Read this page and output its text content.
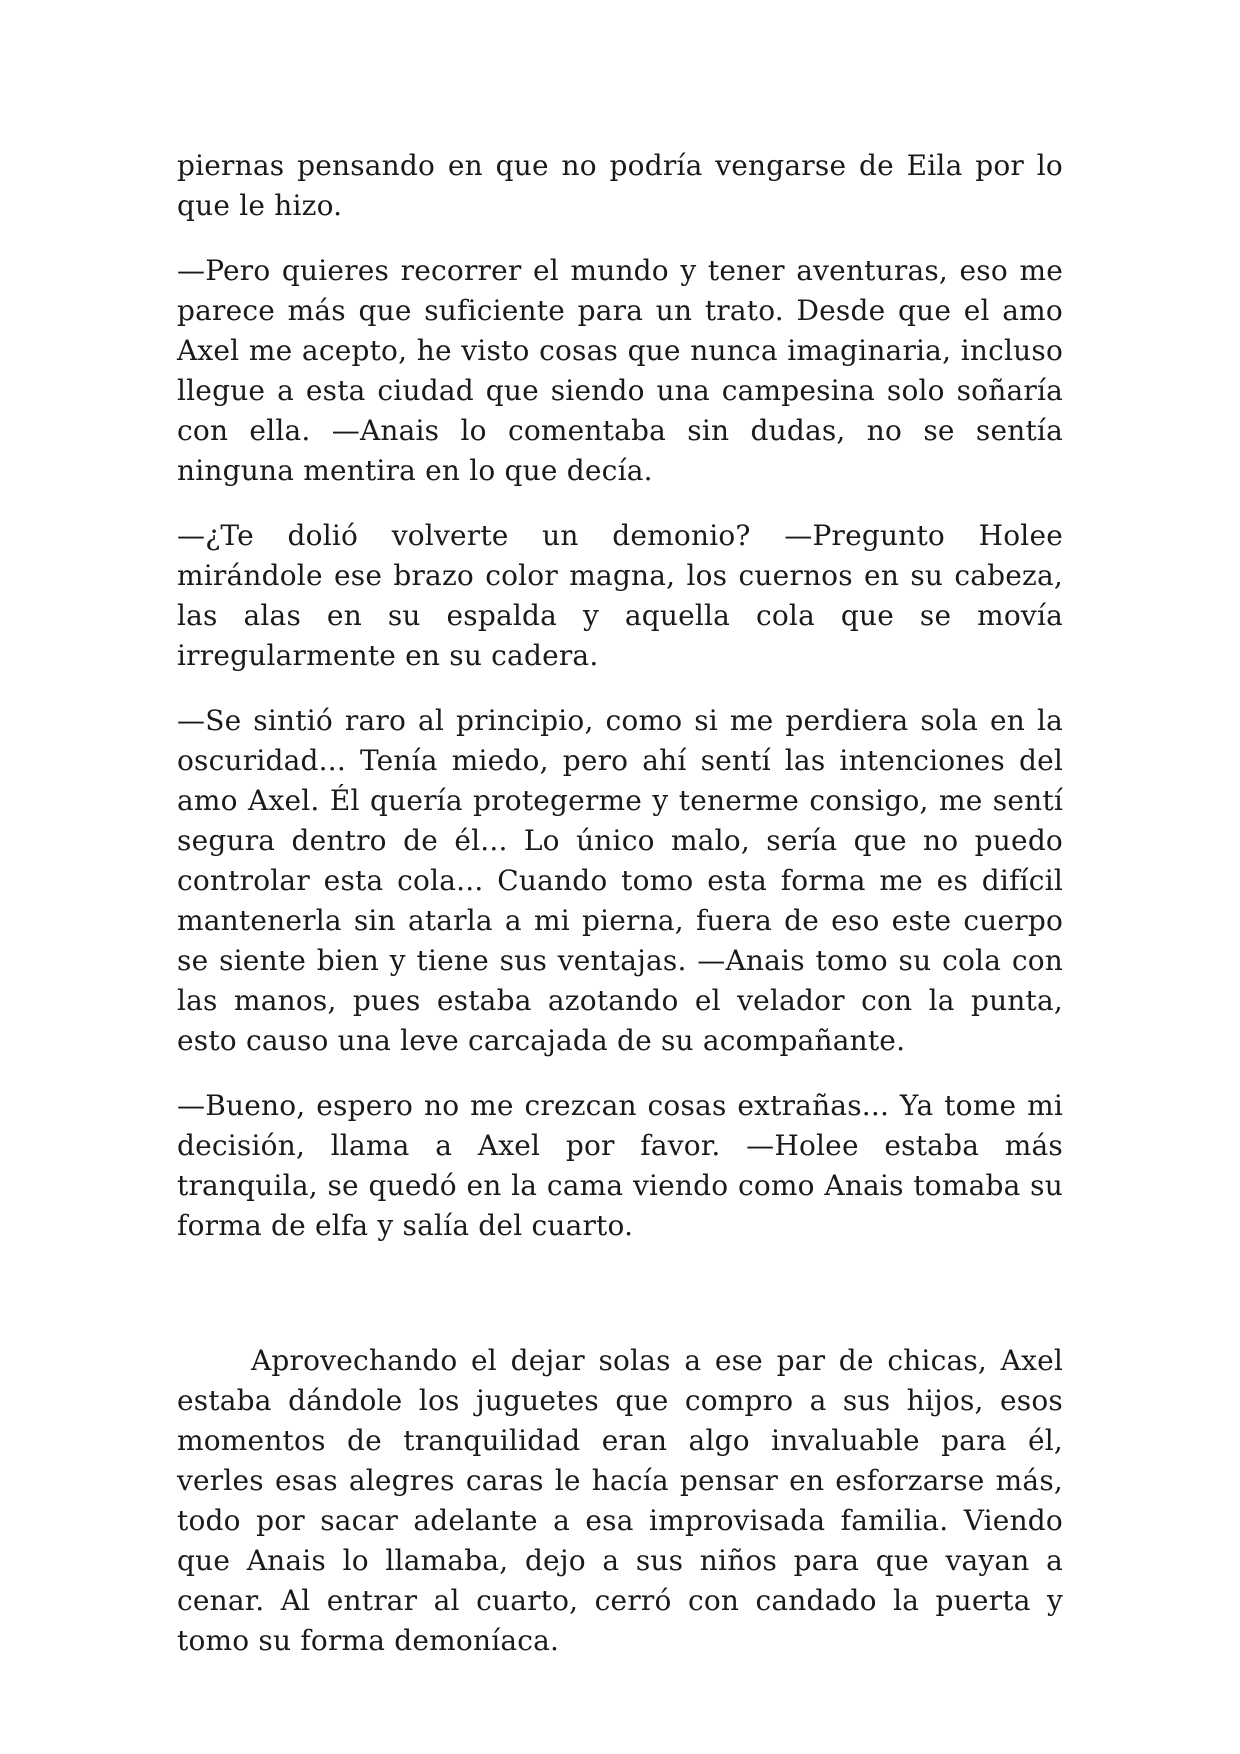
piernas pensando en que no podría vengarse de Eila por lo que le hizo.

—Pero quieres recorrer el mundo y tener aventuras, eso me parece más que suficiente para un trato. Desde que el amo Axel me acepto, he visto cosas que nunca imaginaria, incluso llegue a esta ciudad que siendo una campesina solo soñaría con ella. —Anais lo comentaba sin dudas, no se sentía ninguna mentira en lo que decía.

—¿Te dolió volverte un demonio? —Pregunto Holee mirándole ese brazo color magna, los cuernos en su cabeza, las alas en su espalda y aquella cola que se movía irregularmente en su cadera.

—Se sintió raro al principio, como si me perdiera sola en la oscuridad... Tenía miedo, pero ahí sentí las intenciones del amo Axel. Él quería protegerme y tenerme consigo, me sentí segura dentro de él... Lo único malo, sería que no puedo controlar esta cola... Cuando tomo esta forma me es difícil mantenerla sin atarla a mi pierna, fuera de eso este cuerpo se siente bien y tiene sus ventajas. —Anais tomo su cola con las manos, pues estaba azotando el velador con la punta, esto causo una leve carcajada de su acompañante.

—Bueno, espero no me crezcan cosas extrañas... Ya tome mi decisión, llama a Axel por favor. —Holee estaba más tranquila, se quedó en la cama viendo como Anais tomaba su forma de elfa y salía del cuarto.

Aprovechando el dejar solas a ese par de chicas, Axel estaba dándole los juguetes que compro a sus hijos, esos momentos de tranquilidad eran algo invaluable para él, verles esas alegres caras le hacía pensar en esforzarse más, todo por sacar adelante a esa improvisada familia. Viendo que Anais lo llamaba, dejo a sus niños para que vayan a cenar. Al entrar al cuarto, cerró con candado la puerta y tomo su forma demoníaca.
